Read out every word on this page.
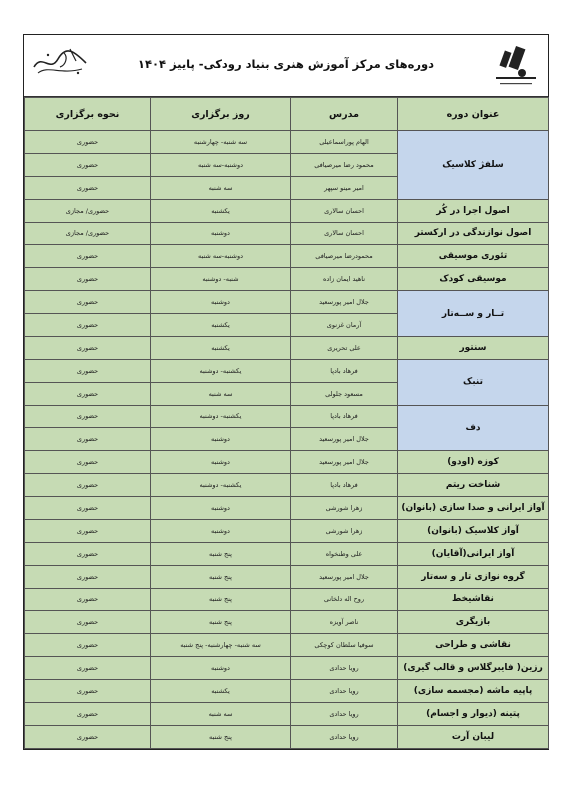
دوره‌های مرکز آموزش هنری بنیاد رودکی- پاییز ۱۴۰۴
عنوان دوره	مدرس	روز برگزاری	نحوه برگزاری
سلفژ کلاسیک	الهام پوراسماعیلی	سه شنبه- چهارشنبه	حضوری
	محمود رضا میرصیافی	دوشنبه-سه شنبه	حضوری
	امیر مینو سپهر	سه شنبه	حضوری
اصول اجرا در کُر	احسان سالاری	یکشنبه	حضوری/ مجازی
اصول نوازندگی در ارکستر	احسان سالاری	دوشنبه	حضوری/ مجازی
تئوری موسیقی	محمودرضا میرصیافی	دوشنبه-سه شنبه	حضوری
موسیقی کودک	ناهید ایمان زاده	شنبه- دوشنبه	حضوری
تــار و ســه‌تار	جلال امیر پورسعید	دوشنبه	حضوری
	آرمان غزنوی	یکشنبه	حضوری
سنتور	علی تحریری	یکشنبه	حضوری
تنبک	فرهاد بادپا	یکشنبه- دوشنبه	حضوری
	مسعود جلولی	سه شنبه	حضوری
دف	فرهاد بادپا	یکشنبه- دوشنبه	حضوری
	جلال امیر پورسعید	دوشنبه	حضوری
کوزه (اودو)	جلال امیر پورسعید	دوشنبه	حضوری
شناخت ریتم	فرهاد بادپا	یکشنبه- دوشنبه	حضوری
آواز ایرانی و صدا سازی (بانوان)	زهرا شورشی	دوشنبه	حضوری
آواز کلاسیک (بانوان)	زهرا شورشی	دوشنبه	حضوری
آواز ایرانی(آقایان)	علی وطنخواه	پنج شنبه	حضوری
گروه نوازی تار و سه‌تار	جلال امیر پورسعید	پنج شنبه	حضوری
نقاشیخط	روح اله دلخانی	پنج شنبه	حضوری
بازیگری	ناصر آویزه	پنج شنبه	حضوری
نقاشی و طراحی	سوفیا سلطان کوچکی	سه شنبه- چهارشنبه- پنج شنبه	حضوری
رزین( فایبرگلاس و قالب گیری)	رویا حدادی	دوشنبه	حضوری
پاپیه ماشه (مجسمه سازی)	رویا حدادی	یکشنبه	حضوری
پتینه (دیوار و اجسام)	رویا حدادی	سه شنبه	حضوری
لیبان آرت	رویا حدادی	پنج شنبه	حضوری
